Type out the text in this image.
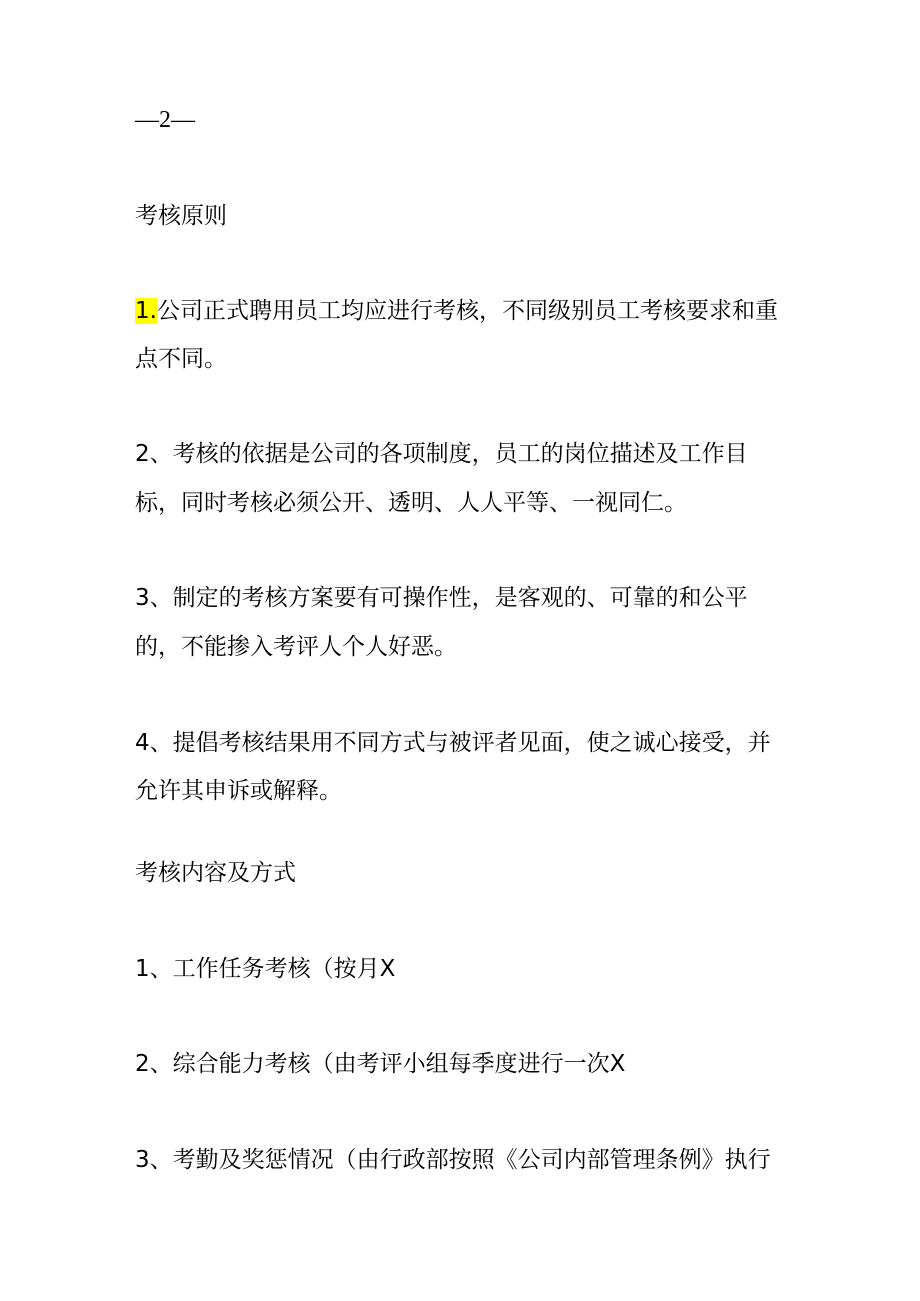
—2—

考核原则

1.公司正式聘用员工均应进行考核，不同级别员工考核要求和重

点不同。

2、考核的依据是公司的各项制度，员工的岗位描述及工作目

标，同时考核必须公开、透明、人人平等、一视同仁。

3、制定的考核方案要有可操作性，是客观的、可靠的和公平

的，不能掺入考评人个人好恶。

4、提倡考核结果用不同方式与被评者见面，使之诚心接受，并

允许其申诉或解释。

考核内容及方式

1、工作任务考核（按月X

2、综合能力考核（由考评小组每季度进行一次X

3、考勤及奖惩情况（由行政部按照《公司内部管理条例》执行
